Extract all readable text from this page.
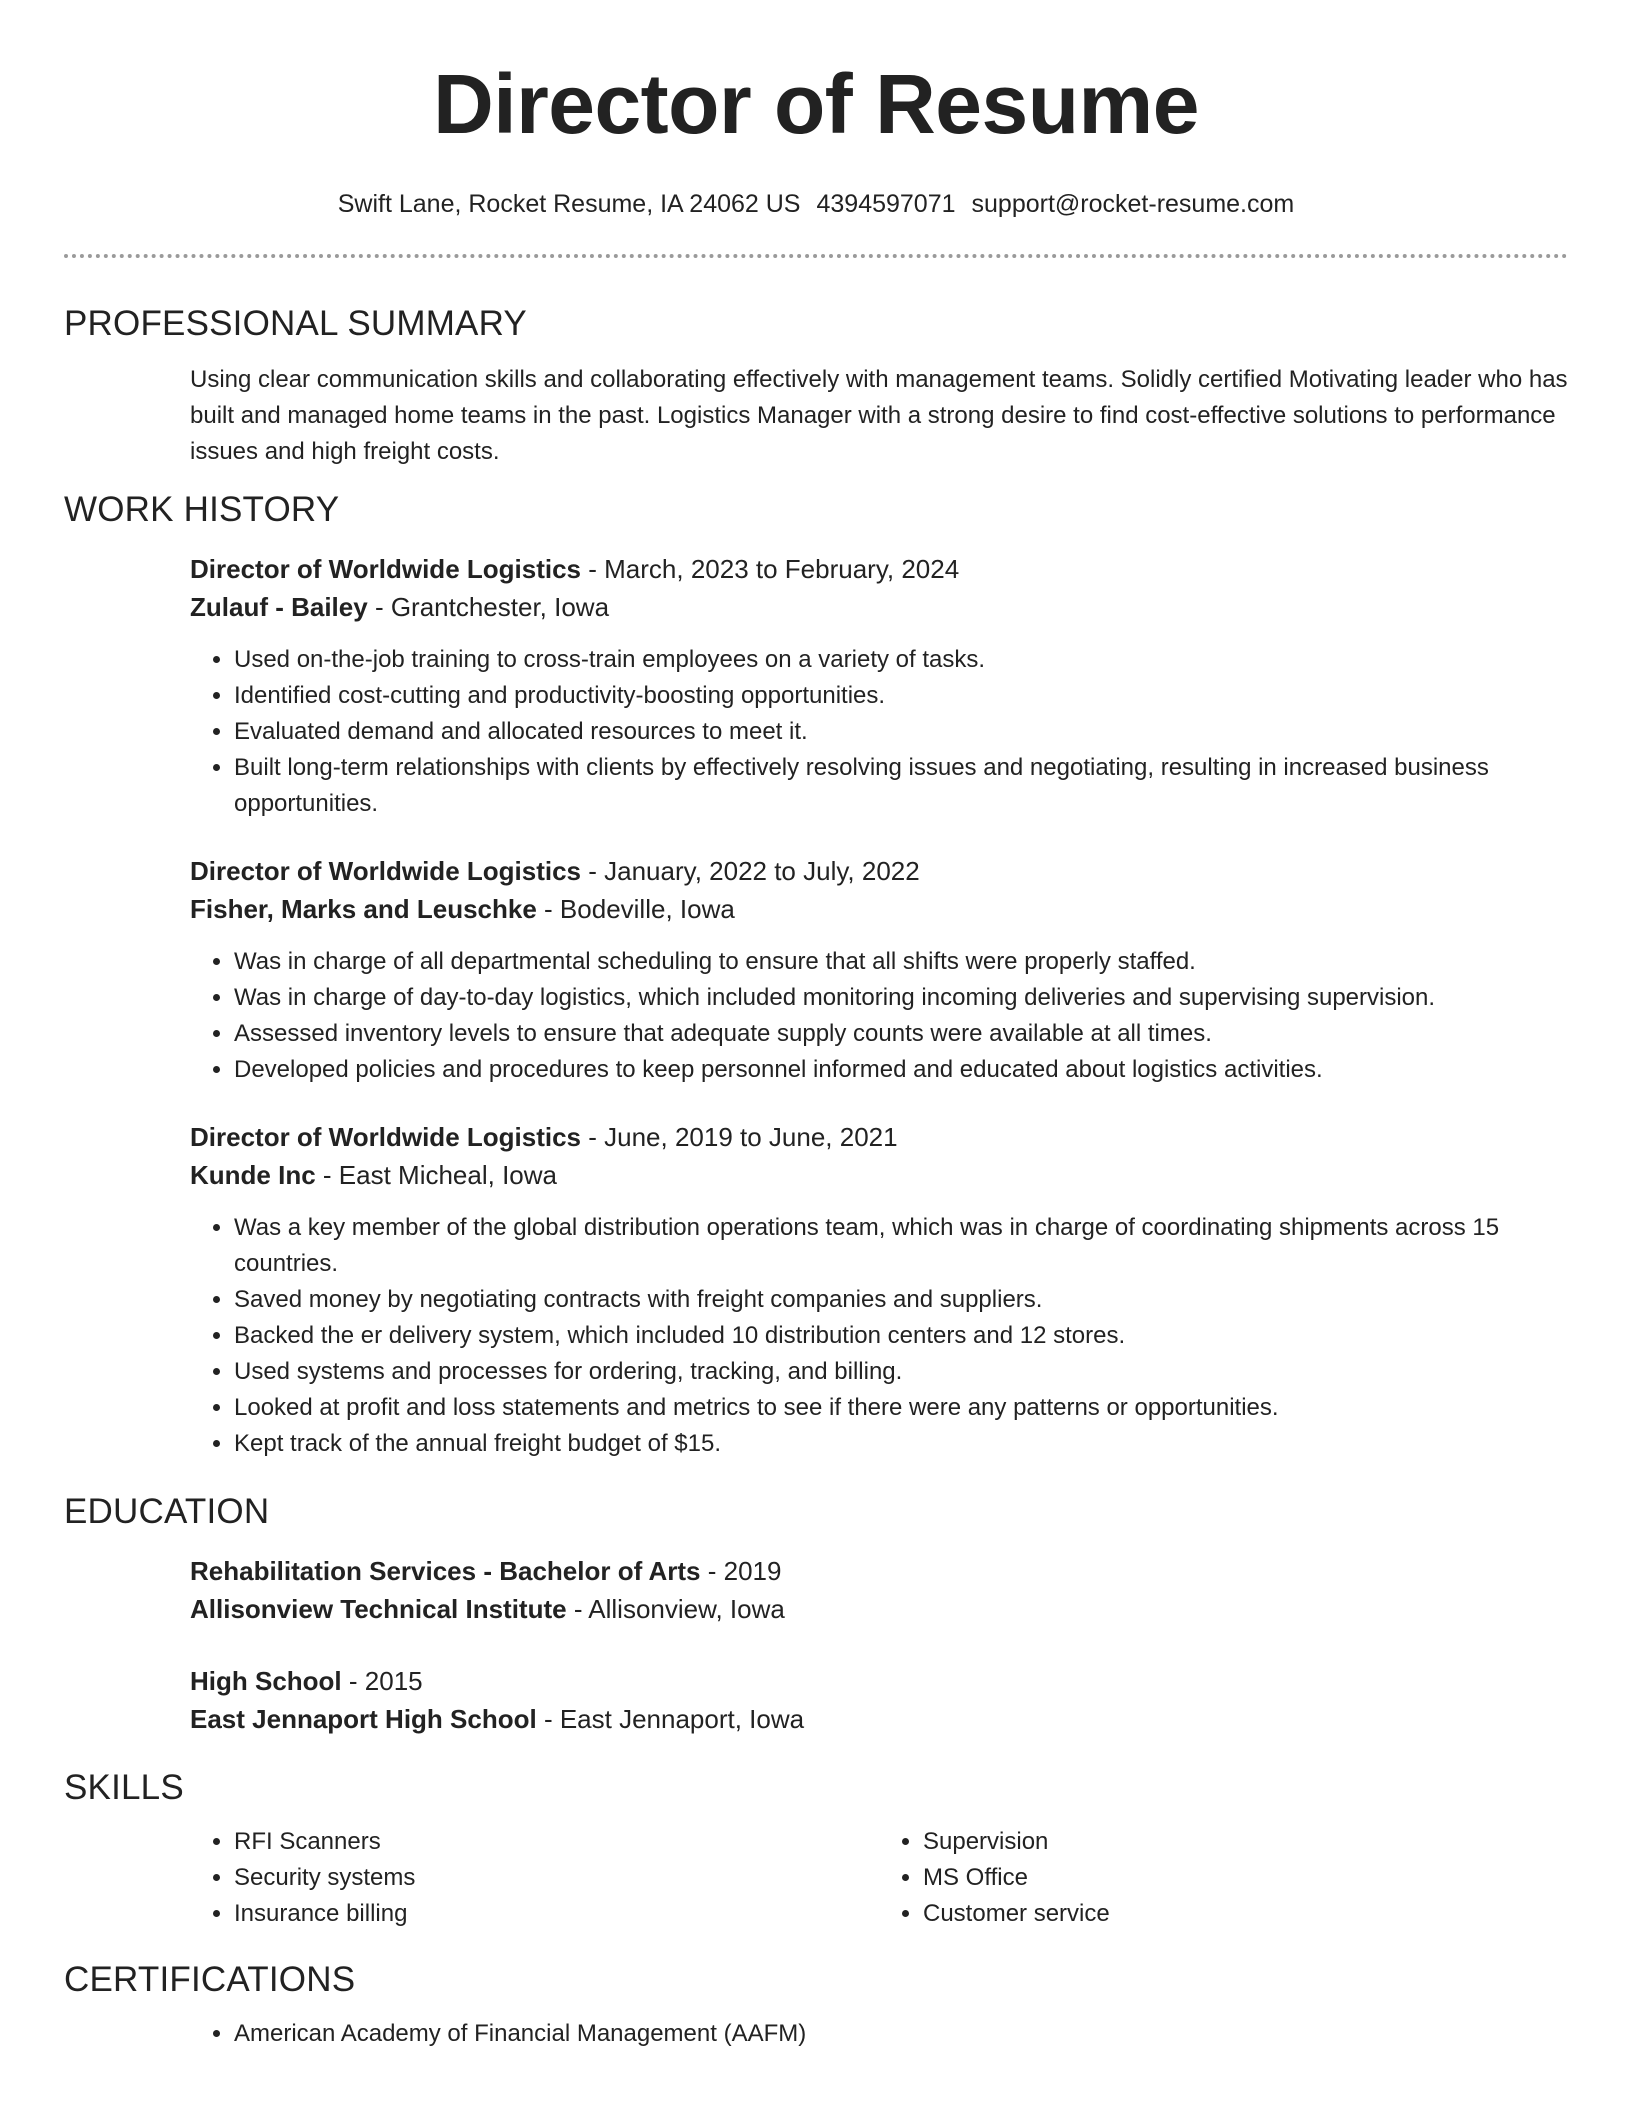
Director of Resume
Swift Lane, Rocket Resume, IA 24062 US 4394597071 support@rocket-resume.com
PROFESSIONAL SUMMARY

Using clear communication skills and collaborating effectively with management teams. Solidly certified Motivating leader who has built and managed home teams in the past. Logistics Manager with a strong desire to find cost-effective solutions to performance issues and high freight costs.

WORK HISTORY
Director of Worldwide Logistics - March, 2023 to February, 2024
Zulauf - Bailey - Grantchester, Iowa
• Used on-the-job training to cross-train employees on a variety of tasks.
• Identified cost-cutting and productivity-boosting opportunities.
• Evaluated demand and allocated resources to meet it.
• Built long-term relationships with clients by effectively resolving issues and negotiating, resulting in increased business opportunities.
Director of Worldwide Logistics - January, 2022 to July, 2022
Fisher, Marks and Leuschke - Bodeville, Iowa
• Was in charge of all departmental scheduling to ensure that all shifts were properly staffed.
• Was in charge of day-to-day logistics, which included monitoring incoming deliveries and supervising supervision.
• Assessed inventory levels to ensure that adequate supply counts were available at all times.
• Developed policies and procedures to keep personnel informed and educated about logistics activities.
Director of Worldwide Logistics - June, 2019 to June, 2021
Kunde Inc - East Micheal, Iowa
• Was a key member of the global distribution operations team, which was in charge of coordinating shipments across 15 countries.
• Saved money by negotiating contracts with freight companies and suppliers.
• Backed the er delivery system, which included 10 distribution centers and 12 stores.
• Used systems and processes for ordering, tracking, and billing.
• Looked at profit and loss statements and metrics to see if there were any patterns or opportunities.
• Kept track of the annual freight budget of $15.
EDUCATION
Rehabilitation Services - Bachelor of Arts - 2019
Allisonview Technical Institute - Allisonview, Iowa
High School - 2015
East Jennaport High School - East Jennaport, Iowa
SKILLS
• RFI Scanners
• Security systems
• Insurance billing
• Supervision
• MS Office
• Customer service
CERTIFICATIONS
• American Academy of Financial Management (AAFM)
